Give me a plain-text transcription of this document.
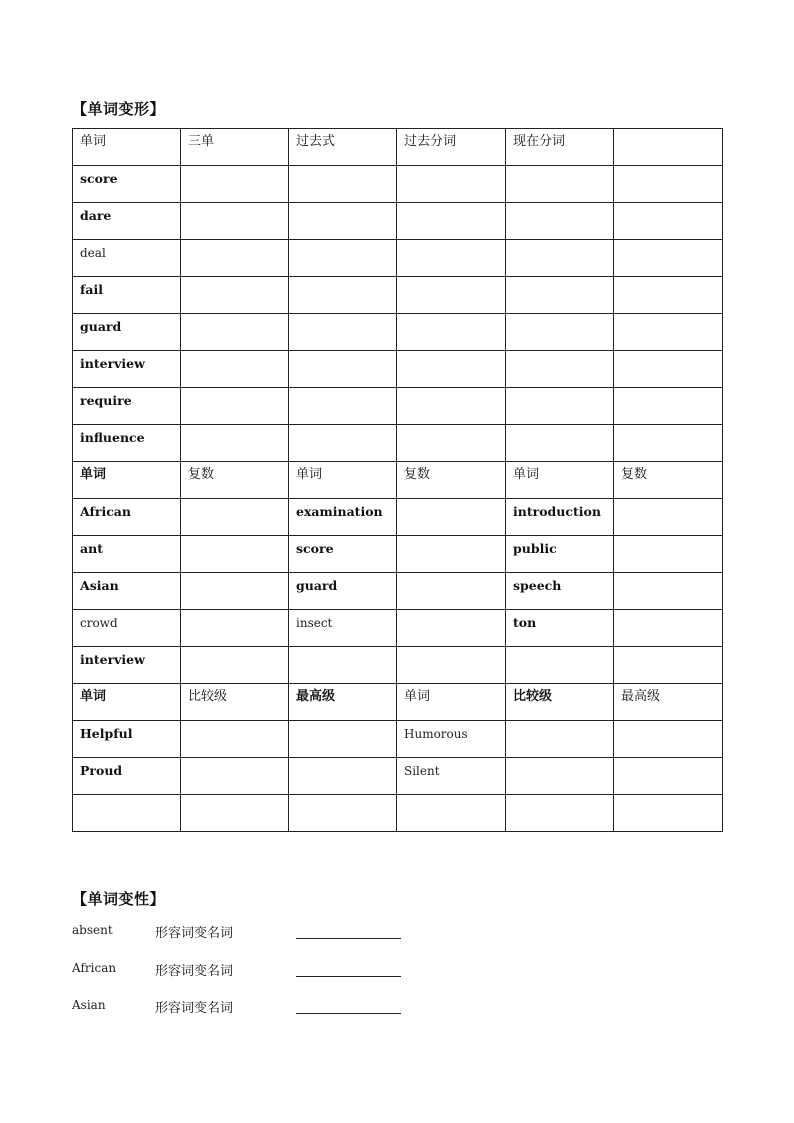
【单词变形】
单词	三单	过去式	过去分词	现在分词	
score					
dare					
deal					
fail					
guard					
interview					
require					
influence					
单词	复数	单词	复数	单词	复数
African		examination		introduction	
ant		score		public	
Asian		guard		speech	
crowd		insect		ton	
interview					
单词	比较级	最高级	单词	比较级	最高级
Helpful			Humorous		
Proud			Silent		

【单词变性】
absent	形容词变名词
African	形容词变名词
Asian	形容词变名词
